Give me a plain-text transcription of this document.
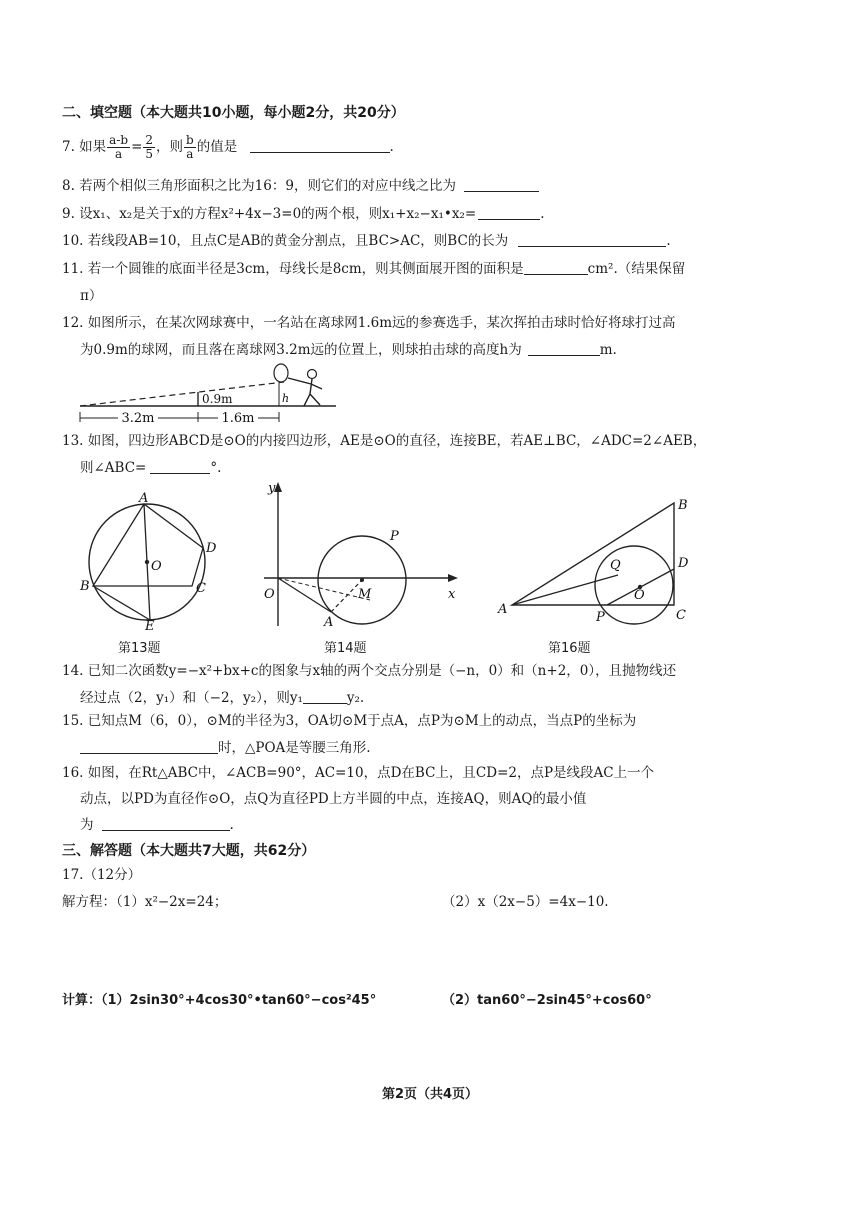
二、填空题（本大题共10小题，每小题2分，共20分）
7. 如果 $\frac{a-b}{a} = \frac{2}{5}$ ，则 $\frac{b}{a}$ 的值是	.
8. 若两个相似三角形面积之比为16：9，则它们的对应中线之比为
9. 设x₁、x₂是关于x的方程x²+4x−3=0的两个根，则x₁+x₂−x₁•x₂=	.
10. 若线段AB=10，且点C是AB的黄金分割点，且BC>AC，则BC的长为	.
11. 若一个圆锥的底面半径是3cm，母线长是8cm，则其侧面展开图的面积是	cm².（结果保留
π）
12. 如图所示，在某次网球赛中，一名站在离球网1.6m远的参赛选手，某次挥拍击球时恰好将球打过高
为0.9m的球网，而且落在离球网3.2m远的位置上，则球拍击球的高度h为	m.
3.2m	1.6m
0.9m	h
13. 如图，四边形ABCD是⊙O的内接四边形，AE是⊙O的直径，连接BE，若AE⊥BC，∠ADC=2∠AEB，
则∠ABC=	°.
A
B	C
D
E
O
第13题
y
x
O
P
M
A
第14题
A
B
C
D
O
P
Q
第16题
14. 已知二次函数y=−x²+bx+c的图象与x轴的两个交点分别是（−n，0）和（n+2，0），且抛物线还
经过点（2，y₁）和（−2，y₂），则y₁	y₂.
15. 已知点M（6，0），⊙M的半径为3，OA切⊙M于点A，点P为⊙M上的动点，当点P的坐标为
时，△POA是等腰三角形.
16. 如图，在Rt△ABC中，∠ACB=90°，AC=10，点D在BC上，且CD=2，点P是线段AC上一个
动点，以PD为直径作⊙O，点Q为直径PD上方半圆的中点，连接AQ，则AQ的最小值
为	.
三、解答题（本大题共7大题，共62分）
17.（12分）
解方程：（1）x²−2x=24；	（2）x（2x−5）=4x−10.
计算：（1）2sin30°+4cos30°•tan60°−cos²45°	（2）tan60°−2sin45°+cos60°
第2页（共4页）
